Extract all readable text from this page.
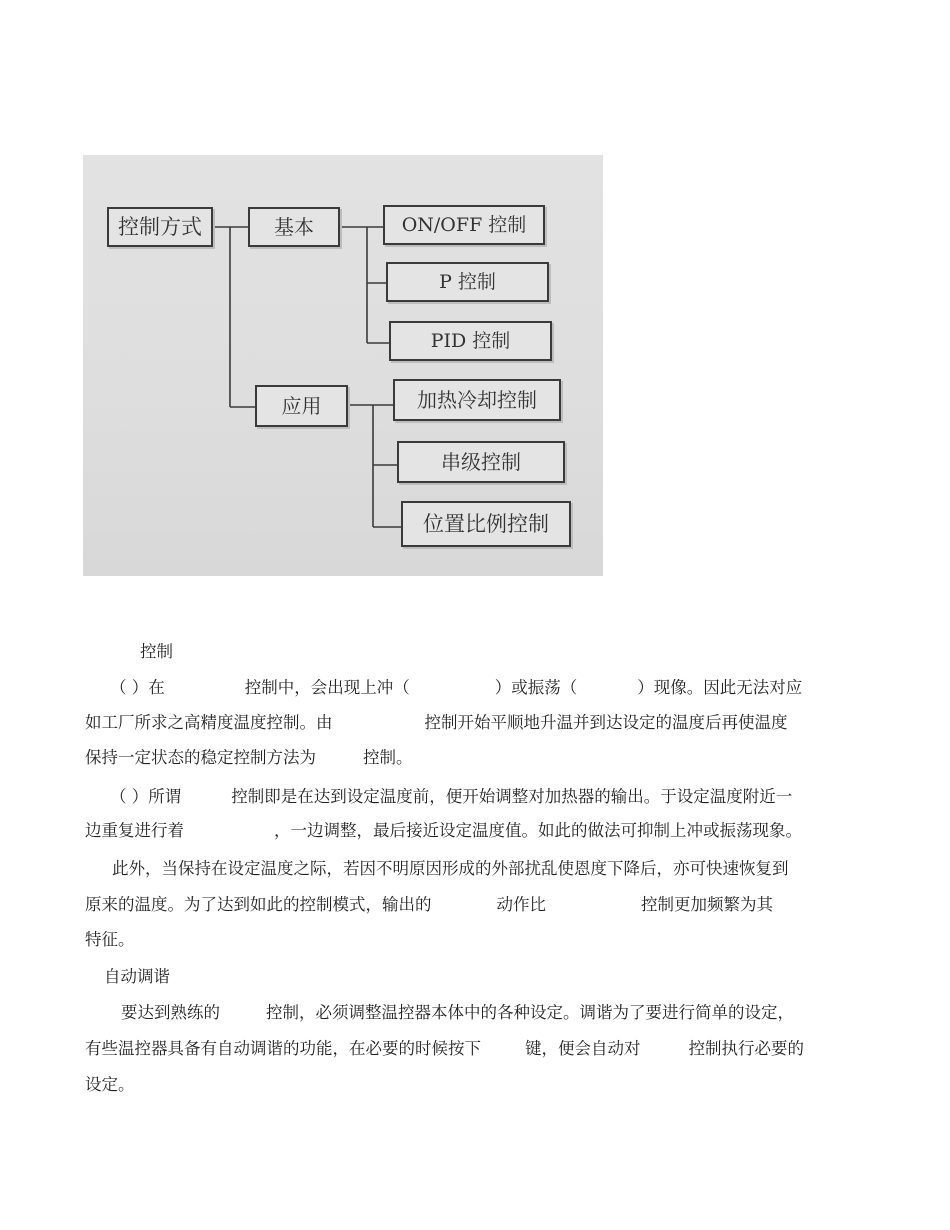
控制方式	基本	ON/OFF 控制
P 控制
PID 控制
应用	加热冷却控制
串级控制
位置比例控制
控制
（ ）在	控制中，会出现上冲（	）或振荡（	）现像。因此无法对应
如工厂所求之高精度温度控制。由	控制开始平顺地升温并到达设定的温度后再使温度
保持一定状态的稳定控制方法为	控制。
（ ）所谓	控制即是在达到设定温度前，便开始调整对加热器的输出。于设定温度附近一
边重复进行着	，一边调整，最后接近设定温度值。如此的做法可抑制上冲或振荡现象。
此外，当保持在设定温度之际，若因不明原因形成的外部扰乱使恩度下降后，亦可快速恢复到
原来的温度。为了达到如此的控制模式，输出的	动作比	控制更加频繁为其
特征。
自动调谐
要达到熟练的	控制，必须调整温控器本体中的各种设定。调谐为了要进行简单的设定，
有些温控器具备有自动调谐的功能，在必要的时候按下	键，便会自动对	控制执行必要的
设定。
